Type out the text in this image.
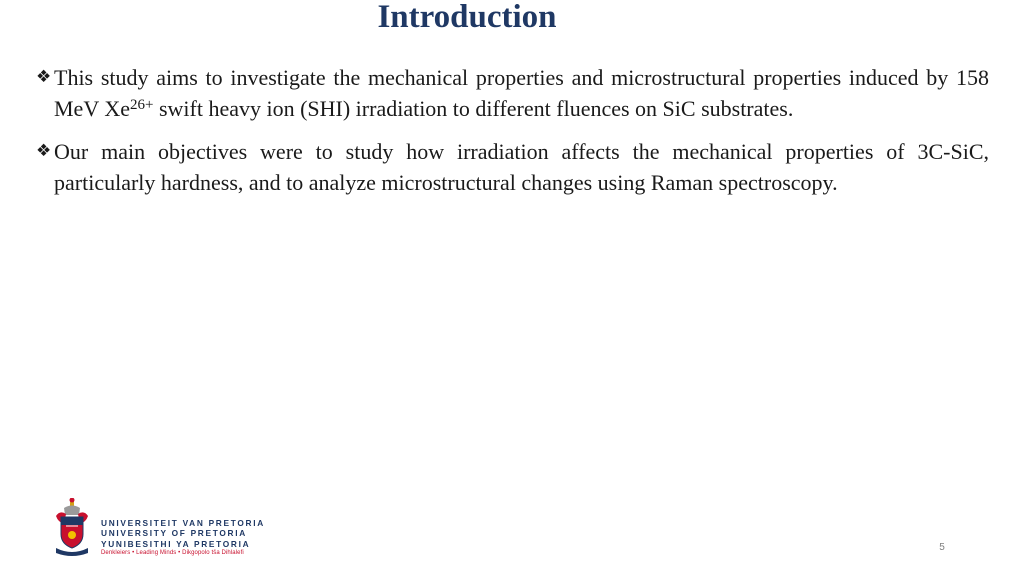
Introduction
❖ This study aims to investigate the mechanical properties and microstructural properties induced by 158 MeV $Xe^{26+}$ swift heavy ion (SHI) irradiation to different fluences on SiC substrates.
❖ Our main objectives were to study how irradiation affects the mechanical properties of 3C-SiC, particularly hardness, and to analyze microstructural changes using Raman spectroscopy.
UNIVERSITEIT VAN PRETORIA
UNIVERSITY OF PRETORIA
YUNIBESITHI YA PRETORIA
Denkleiers • Leading Minds • Dikgopolo tša Dihlalefi
5
